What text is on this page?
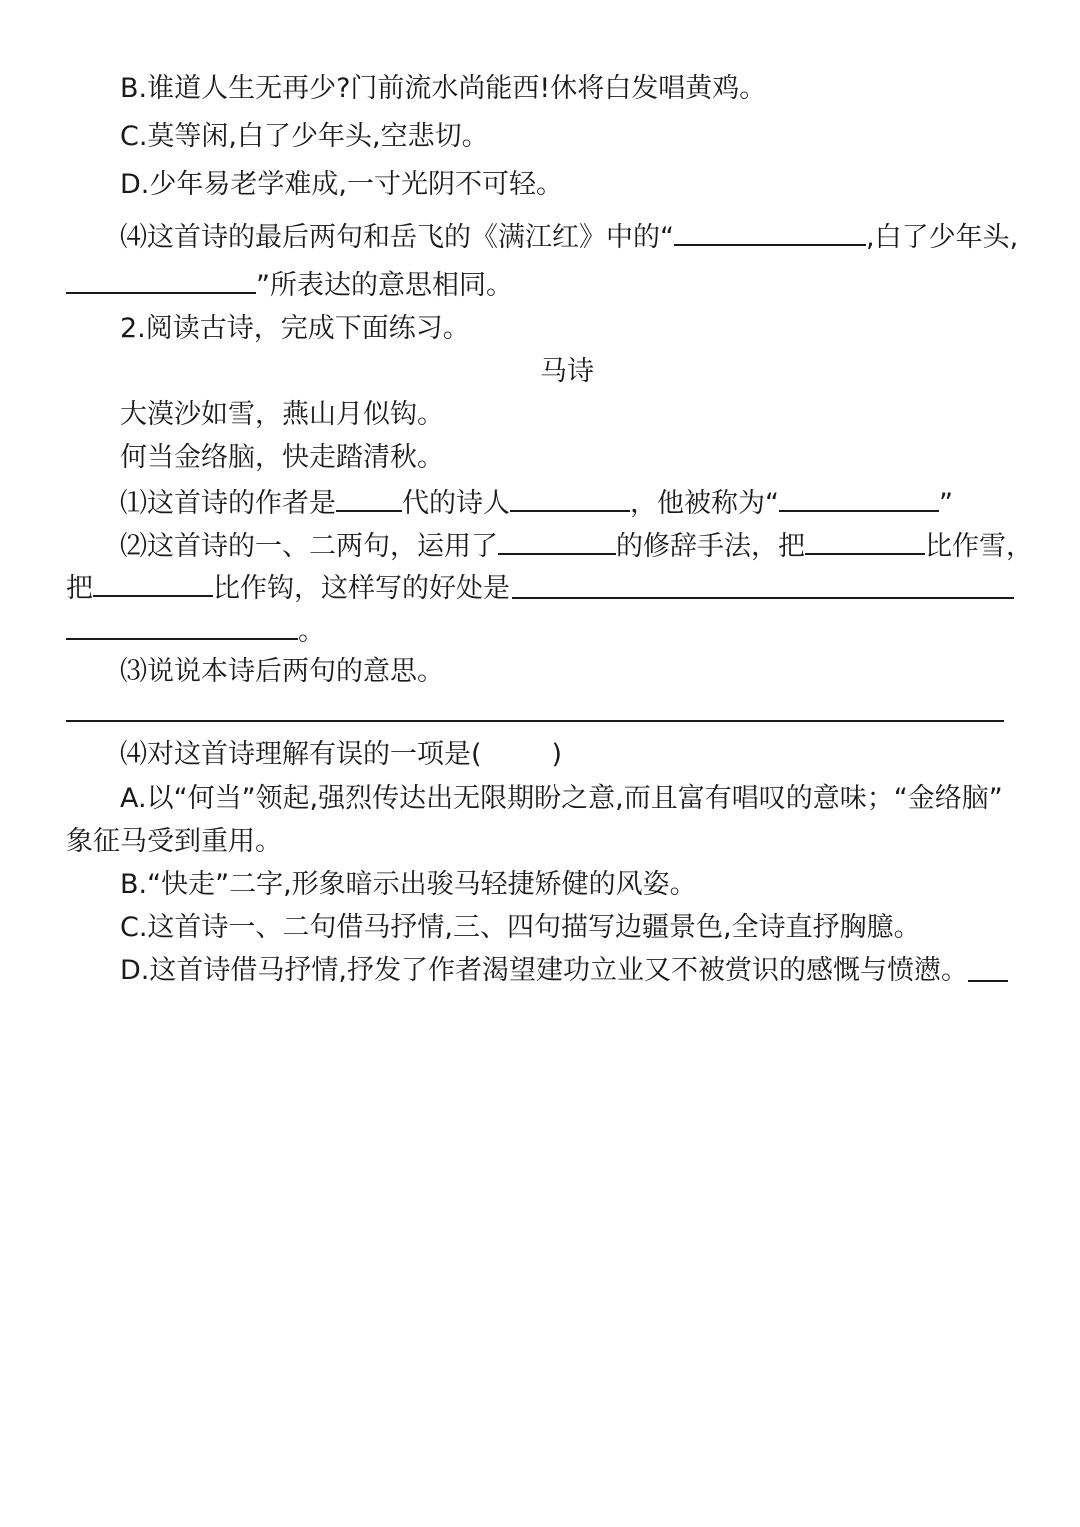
B.谁道人生无再少?门前流水尚能西!休将白发唱黄鸡。
C.莫等闲,白了少年头,空悲切。
D.少年易老学难成,一寸光阴不可轻。
⑷这首诗的最后两句和岳飞的《满江红》中的“	,白了少年头,
”所表达的意思相同。
2.阅读古诗，完成下面练习。
马诗
大漠沙如雪，燕山月似钩。
何当金络脑，快走踏清秋。
⑴这首诗的作者是 代的诗人	，他被称为“	”
⑵这首诗的一、二两句，运用了	的修辞手法，把	比作雪，
把	比作钩，这样写的好处是
。
⑶说说本诗后两句的意思。
⑷对这首诗理解有误的一项是(	)
A.以“何当”领起,强烈传达出无限期盼之意,而且富有唱叹的意味；“金络脑”
象征马受到重用。
B.“快走”二字,形象暗示出骏马轻捷矫健的风姿。
C.这首诗一、二句借马抒情,三、四句描写边疆景色,全诗直抒胸臆。
D.这首诗借马抒情,抒发了作者渴望建功立业又不被赏识的感慨与愤懑。
